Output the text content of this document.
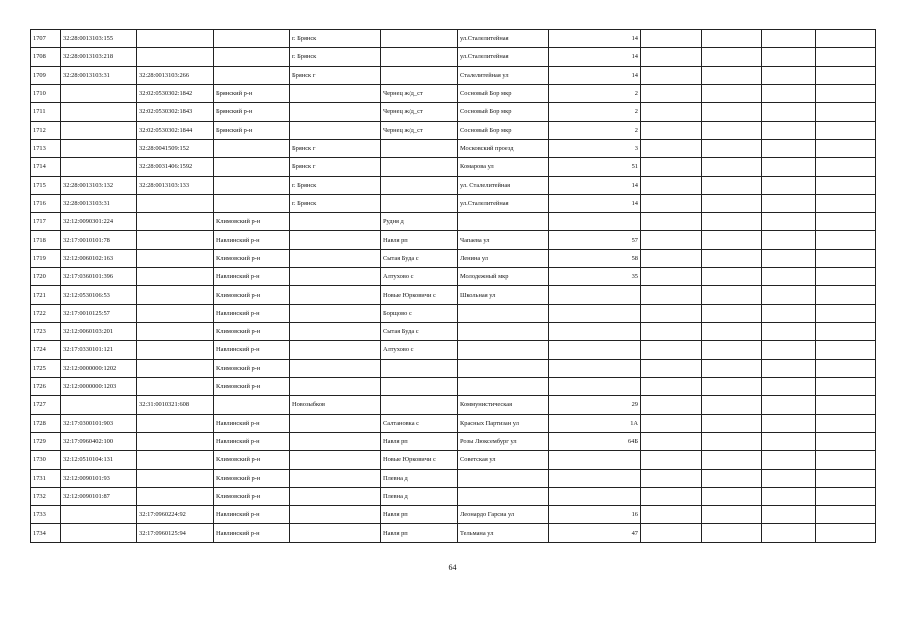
1707	32:28:0013103:155			г. Брянск		ул.Сталелитейная	14				
1708	32:28:0013103:218			г. Брянск		ул.Сталелитейная	14				
1709	32:28:0013103:31	32:28:0013103:266		Брянск г		Сталелитейная ул	14				
1710		32:02:0530302:1842	Брянский р-н		Чернец ж/д_ст	Сосновый Бор мкр	2				
1711		32:02:0530302:1843	Брянский р-н		Чернец ж/д_ст	Сосновый Бор мкр	2				
1712		32:02:0530302:1844	Брянский р-н		Чернец ж/д_ст	Сосновый Бор мкр	2				
1713		32:28:0041509:152		Брянск г		Московский проезд	3				
1714		32:28:0031406:1592		Брянск г		Комарова ул	51				
1715	32:28:0013103:132	32:28:0013103:133		г. Брянск		ул. Сталелитейная	14				
1716	32:28:0013103:31			г. Брянск		ул.Сталелитейная	14				
1717	32:12:0090301:224		Климовский р-н		Рудня д						
1718	32:17:0010101:78		Навлинский р-н		Навля рп	Чапаева ул	57				
1719	32:12:0060102:163		Климовский р-н		Сытая Буда с	Ленина ул	58				
1720	32:17:0360101:396		Навлинский р-н		Алтухово с	Молодежный мкр	35				
1721	32:12:0530106:53		Климовский р-н		Новые Юрковичи с	Школьная ул					
1722	32:17:0010125:57		Навлинский р-н		Борщово с						
1723	32:12:0060103:201		Климовский р-н		Сытая Буда с						
1724	32:17:0330101:121		Навлинский р-н		Алтухово с						
1725	32:12:0000000:1202		Климовский р-н								
1726	32:12:0000000:1203		Климовский р-н								
1727		32:31:0010321:608		Новозыбков		Коммунистическая	29				
1728	32:17:0300101:903		Навлинский р-н		Салтановка с	Красных Партизан ул	1А				
1729	32:17:0960402:100		Навлинский р-н		Навля рп	Розы Люксембург ул	64Б				
1730	32:12:0510104:131		Климовский р-н		Новые Юрковичи с	Советская ул					
1731	32:12:0090101:93		Климовский р-н		Плевна д						
1732	32:12:0090101:87		Климовский р-н		Плевна д						
1733		32:17:0960224:92	Навлинский р-н		Навля рп	Леонардо Гарсиа ул	16				
1734		32:17:0960125:94	Навлинский р-н		Навля рп	Тельмана ул	47				
64
